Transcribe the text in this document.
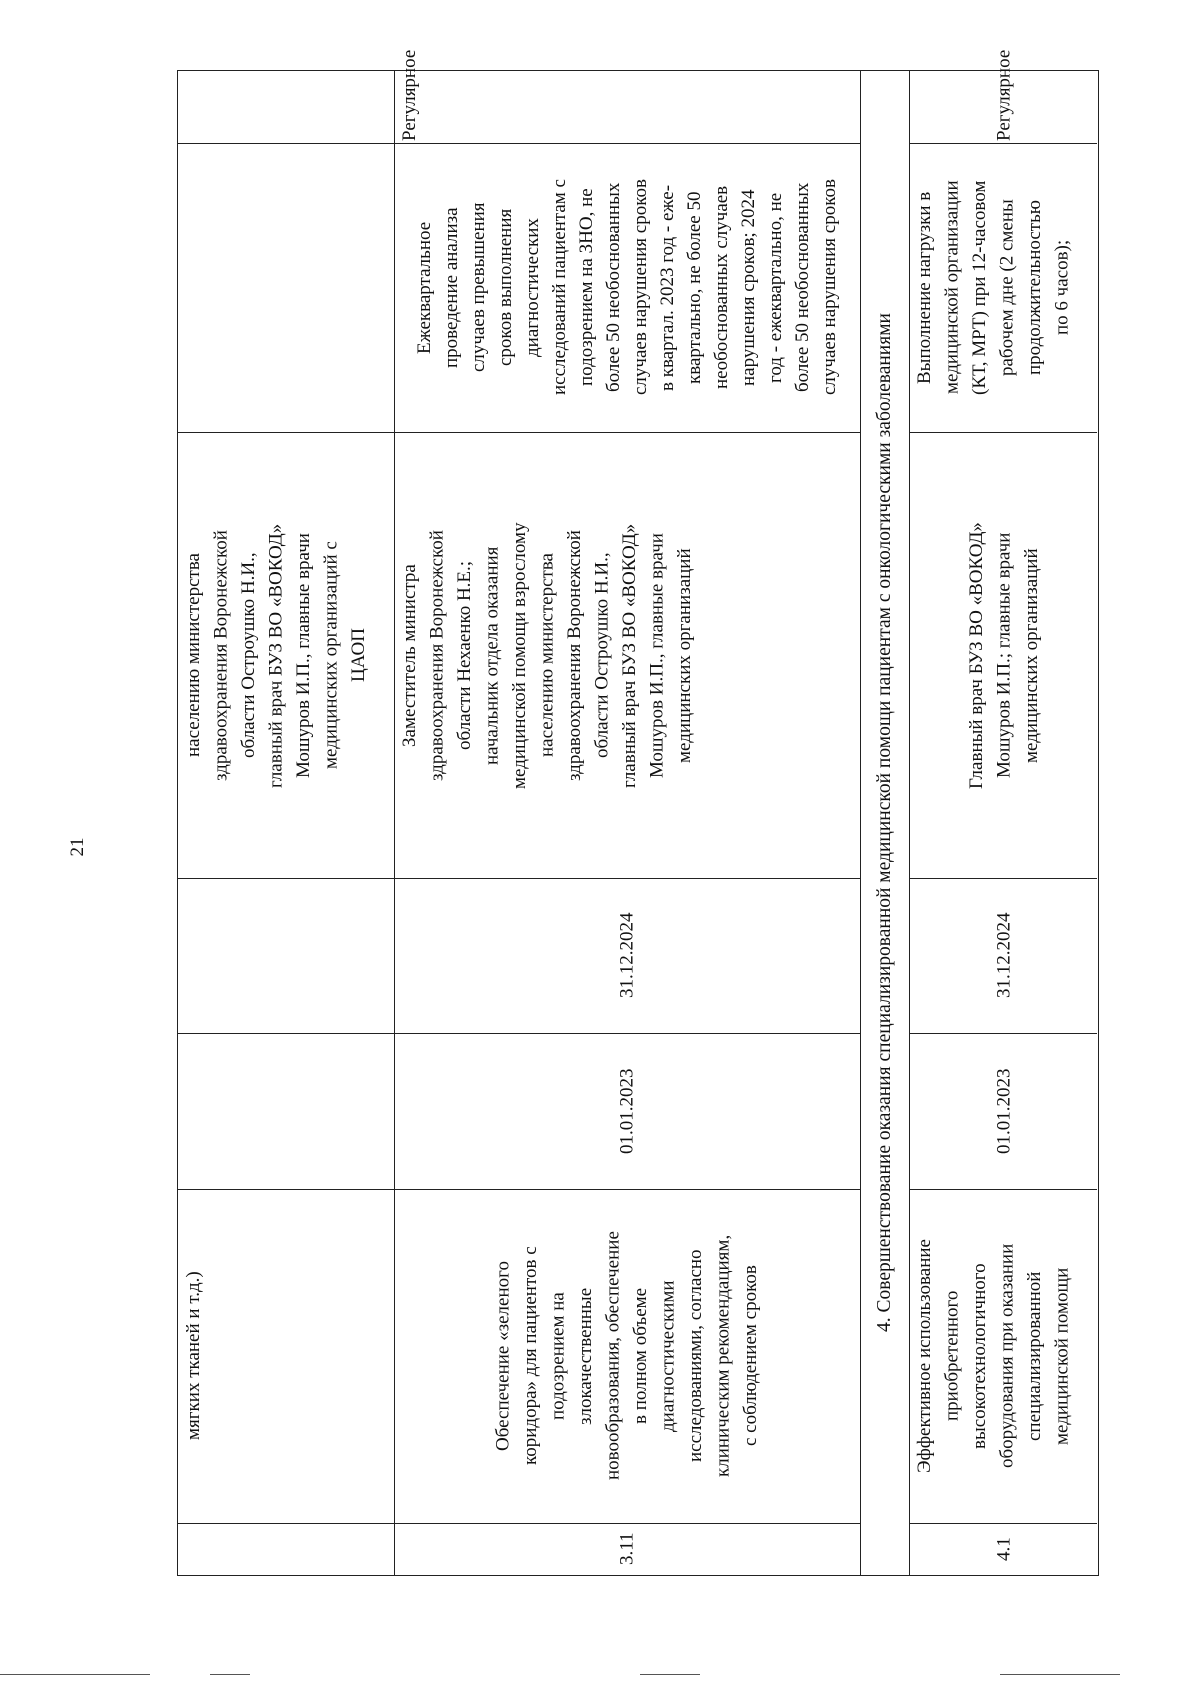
21
мягких тканей и т.д.)
населению министерства здравоохранения Воронежской области Остроушко Н.И., главный врач БУЗ ВО «ВОКОД» Мошуров И.П., главные врачи медицинских организаций с ЦАОП
3.11
Обеспечение «зеленого коридора» для пациентов с подозрением на злокачественные новообразования, обеспечение в полном объеме диагностическими исследованиями, согласно клиническим рекомендациям, с соблюдением сроков
01.01.2023
31.12.2024
Заместитель министра здравоохранения Воронежской области Нехаенко Н.Е.; начальник отдела оказания медицинской помощи взрослому населению министерства здравоохранения Воронежской области Остроушко Н.И., главный врач БУЗ ВО «ВОКОД» Мошуров И.П., главные врачи медицинских организаций
Ежеквартальное проведение анализа случаев превышения сроков выполнения диагностических исследований пациентам с подозрением на ЗНО, не более 50 необоснованных случаев нарушения сроков в квартал. 2023 год - еже- квартально, не более 50 необоснованных случаев нарушения сроков; 2024 год - ежеквартально, не более 50 необоснованных случаев нарушения сроков
Регулярное
4. Совершенствование оказания специализированной медицинской помощи пациентам с онкологическими заболеваниями
4.1
Эффективное использование приобретенного высокотехнологичного оборудования при оказании специализированной медицинской помощи
01.01.2023
31.12.2024
Главный врач БУЗ ВО «ВОКОД» Мошуров И.П.; главные врачи медицинских организаций
Выполнение нагрузки в медицинской организации (КТ, МРТ) при 12-часовом рабочем дне (2 смены продолжительностью по 6 часов);
Регулярное
